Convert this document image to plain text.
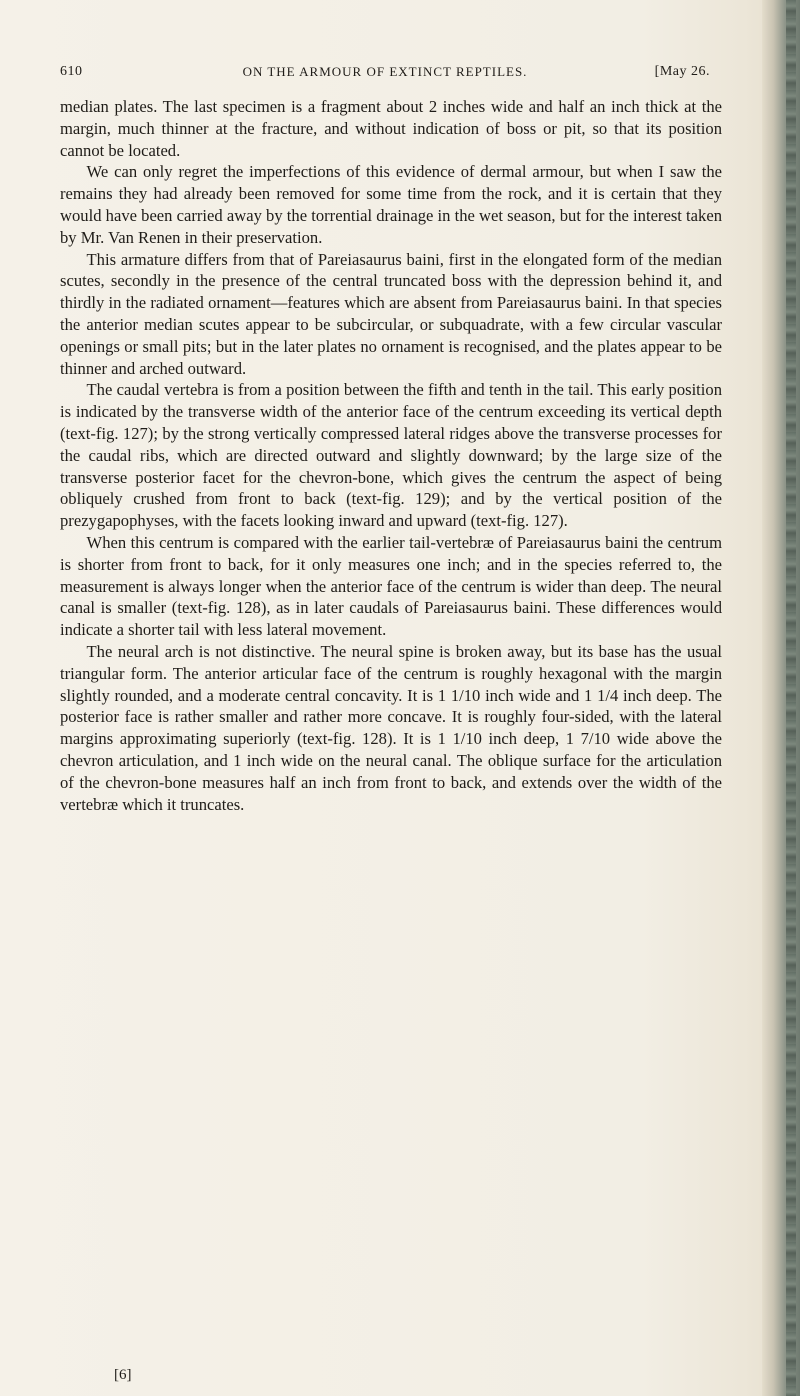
610	ON THE ARMOUR OF EXTINCT REPTILES.	[May 26.

median plates. The last specimen is a fragment about 2 inches wide and half an inch thick at the margin, much thinner at the fracture, and without indication of boss or pit, so that its position cannot be located.

We can only regret the imperfections of this evidence of dermal armour, but when I saw the remains they had already been removed for some time from the rock, and it is certain that they would have been carried away by the torrential drainage in the wet season, but for the interest taken by Mr. Van Renen in their preservation.

This armature differs from that of Pareiasaurus baini, first in the elongated form of the median scutes, secondly in the presence of the central truncated boss with the depression behind it, and thirdly in the radiated ornament—features which are absent from Pareiasaurus baini. In that species the anterior median scutes appear to be subcircular, or subquadrate, with a few circular vascular openings or small pits; but in the later plates no ornament is recognised, and the plates appear to be thinner and arched outward.

The caudal vertebra is from a position between the fifth and tenth in the tail. This early position is indicated by the transverse width of the anterior face of the centrum exceeding its vertical depth (text-fig. 127); by the strong vertically compressed lateral ridges above the transverse processes for the caudal ribs, which are directed outward and slightly downward; by the large size of the transverse posterior facet for the chevron-bone, which gives the centrum the aspect of being obliquely crushed from front to back (text-fig. 129); and by the vertical position of the prezygapophyses, with the facets looking inward and upward (text-fig. 127).

When this centrum is compared with the earlier tail-vertebræ of Pareiasaurus baini the centrum is shorter from front to back, for it only measures one inch; and in the species referred to, the measurement is always longer when the anterior face of the centrum is wider than deep. The neural canal is smaller (text-fig. 128), as in later caudals of Pareiasaurus baini. These differences would indicate a shorter tail with less lateral movement.

The neural arch is not distinctive. The neural spine is broken away, but its base has the usual triangular form. The anterior articular face of the centrum is roughly hexagonal with the margin slightly rounded, and a moderate central concavity. It is 1 1/10 inch wide and 1 1/4 inch deep. The posterior face is rather smaller and rather more concave. It is roughly four-sided, with the lateral margins approximating superiorly (text-fig. 128). It is 1 1/10 inch deep, 1 7/10 wide above the chevron articulation, and 1 inch wide on the neural canal. The oblique surface for the articulation of the chevron-bone measures half an inch from front to back, and extends over the width of the vertebræ which it truncates.

[6]
